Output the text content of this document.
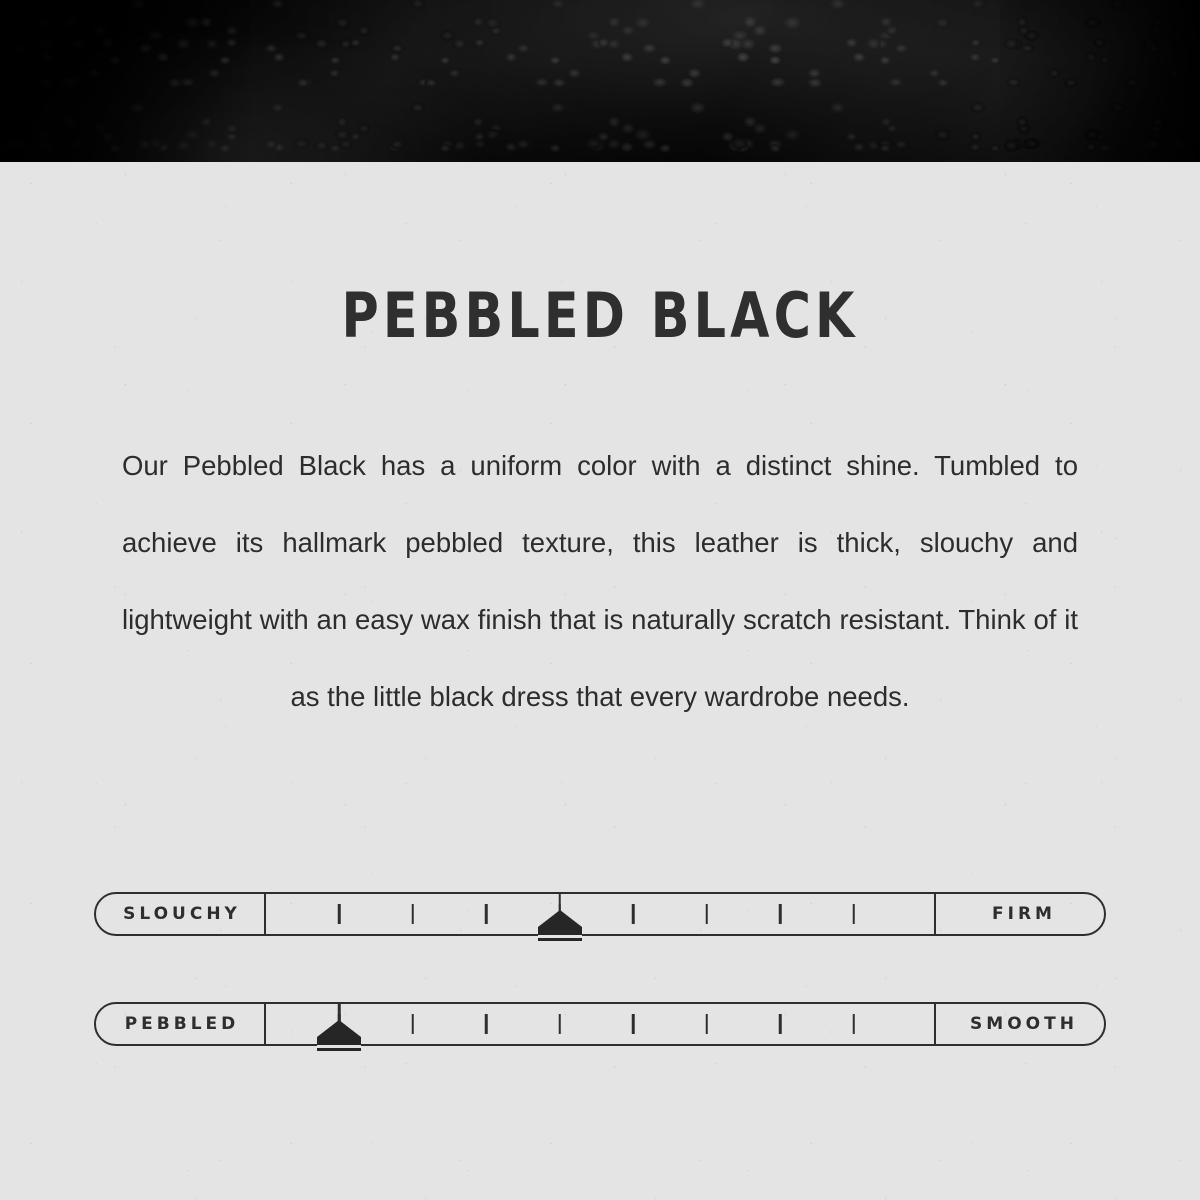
PEBBLED BLACK
Our Pebbled Black has a uniform color with a distinct shine. Tumbled to achieve its hallmark pebbled texture, this leather is thick, slouchy and lightweight with an easy wax finish that is naturally scratch resistant. Think of it as the little black dress that every wardrobe needs.
SLOUCHY	FIRM
PEBBLED	SMOOTH
